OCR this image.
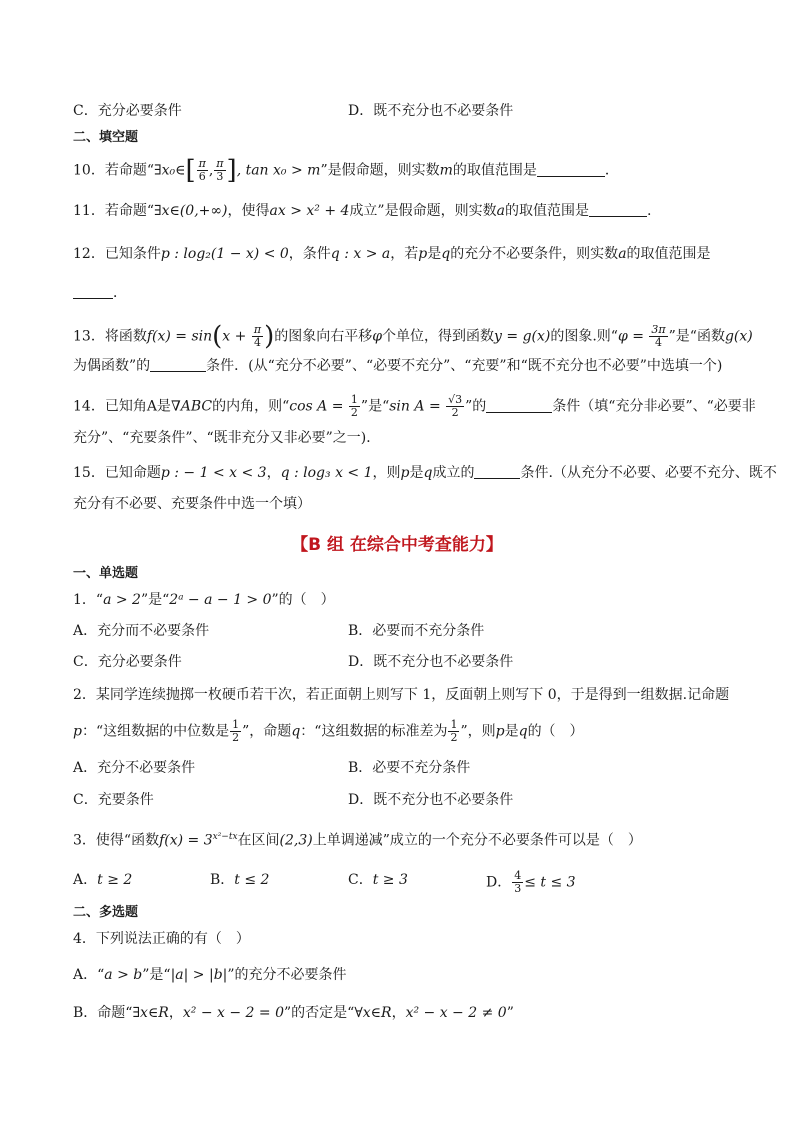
C．充分必要条件	D．既不充分也不必要条件
二、填空题
10．若命题“∃x₀∈[ $\frac{\pi}{6}$ , $\frac{\pi}{3}$ ], tan x₀ > m”是假命题，则实数m的取值范围是	．
11．若命题“∃x∈(0,+∞)，使得ax > x² + 4成立”是假命题，则实数a的取值范围是	.
12．已知条件p : log₂(1 − x) < 0，条件q : x > a，若p是q的充分不必要条件，则实数a的取值范围是
．
13．将函数$f(x) = \sin(x + \frac{\pi}{4}$ )的图象向右平移φ个单位，得到函数y = g(x)的图象.则“$\varphi = \frac{3\pi}{4}$ ”是“函数g(x)
为偶函数”的	条件．(从“充分不必要”、“必要不充分”、“充要”和“既不充分也不必要”中选填一个)
14．已知角A是∇ABC的内角，则“cos $A = \frac{1}{2}$ ”是“sin $A = \frac{√3}{2}$ ”的	条件（填“充分非必要”、“必要非
充分”、“充要条件”、“既非充分又非必要”之一)．
15．已知命题p : − 1 < x < 3，q : log₃ x < 1，则p是q成立的	条件.（从充分不必要、必要不充分、既不
充分有不必要、充要条件中选一个填）
【B 组 在综合中考查能力】
一、单选题
1．“a > 2”是“2ᵃ − a − 1 > 0”的（　）
A．充分而不必要条件	B．必要而不充分条件
C．充分必要条件	D．既不充分也不必要条件
2．某同学连续抛掷一枚硬币若干次，若正面朝上则写下 1，反面朝上则写下 0，于是得到一组数据.记命题
p：“这组数据的中位数是 $\frac{1}{2}$ ”，命题q：“这组数据的标准差为 $\frac{1}{2}$ ”，则p是q的（　）
A．充分不必要条件	B．必要不充分条件
C．充要条件	D．既不充分也不必要条件
3．使得“函数$f(x) = 3^{x^2-tx}$在区间(2,3)上单调递减”成立的一个充分不必要条件可以是（　）
A．t ≥ 2	B．t ≤ 2	C．t ≥ 3	D． $\frac{4}{3} \le t \le 3$
二、多选题
4．下列说法正确的有（　）
A．“a > b”是“|a| > |b|”的充分不必要条件
B．命题“∃x∈R，x² − x − 2 = 0”的否定是“∀x∈R，x² − x − 2 ≠ 0”
